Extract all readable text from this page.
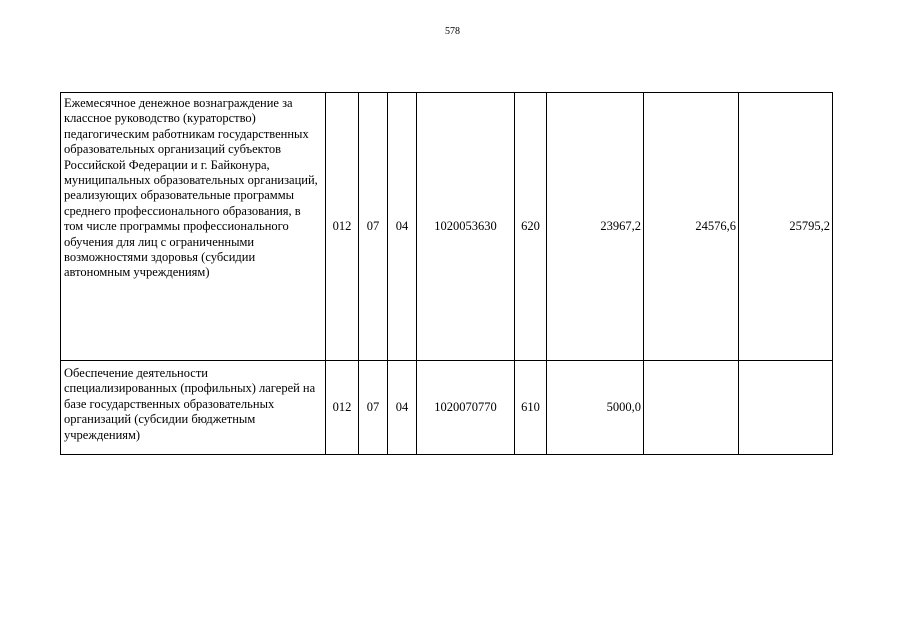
578
Ежемесячное денежное вознаграждение за классное руководство (кураторство) педагогическим работникам государственных образовательных организаций субъектов Российской Федерации и г. Байконура, муниципальных образовательных организаций, реализующих образовательные программы среднего профессионального образования, в том числе программы профессионального обучения для лиц с ограниченными возможностями здоровья (субсидии автономным учреждениям)	012	07	04	1020053630	620	23967,2	24576,6	25795,2
Обеспечение деятельности специализированных (профильных) лагерей на базе государственных образовательных организаций (субсидии бюджетным учреждениям)	012	07	04	1020070770	610	5000,0		
